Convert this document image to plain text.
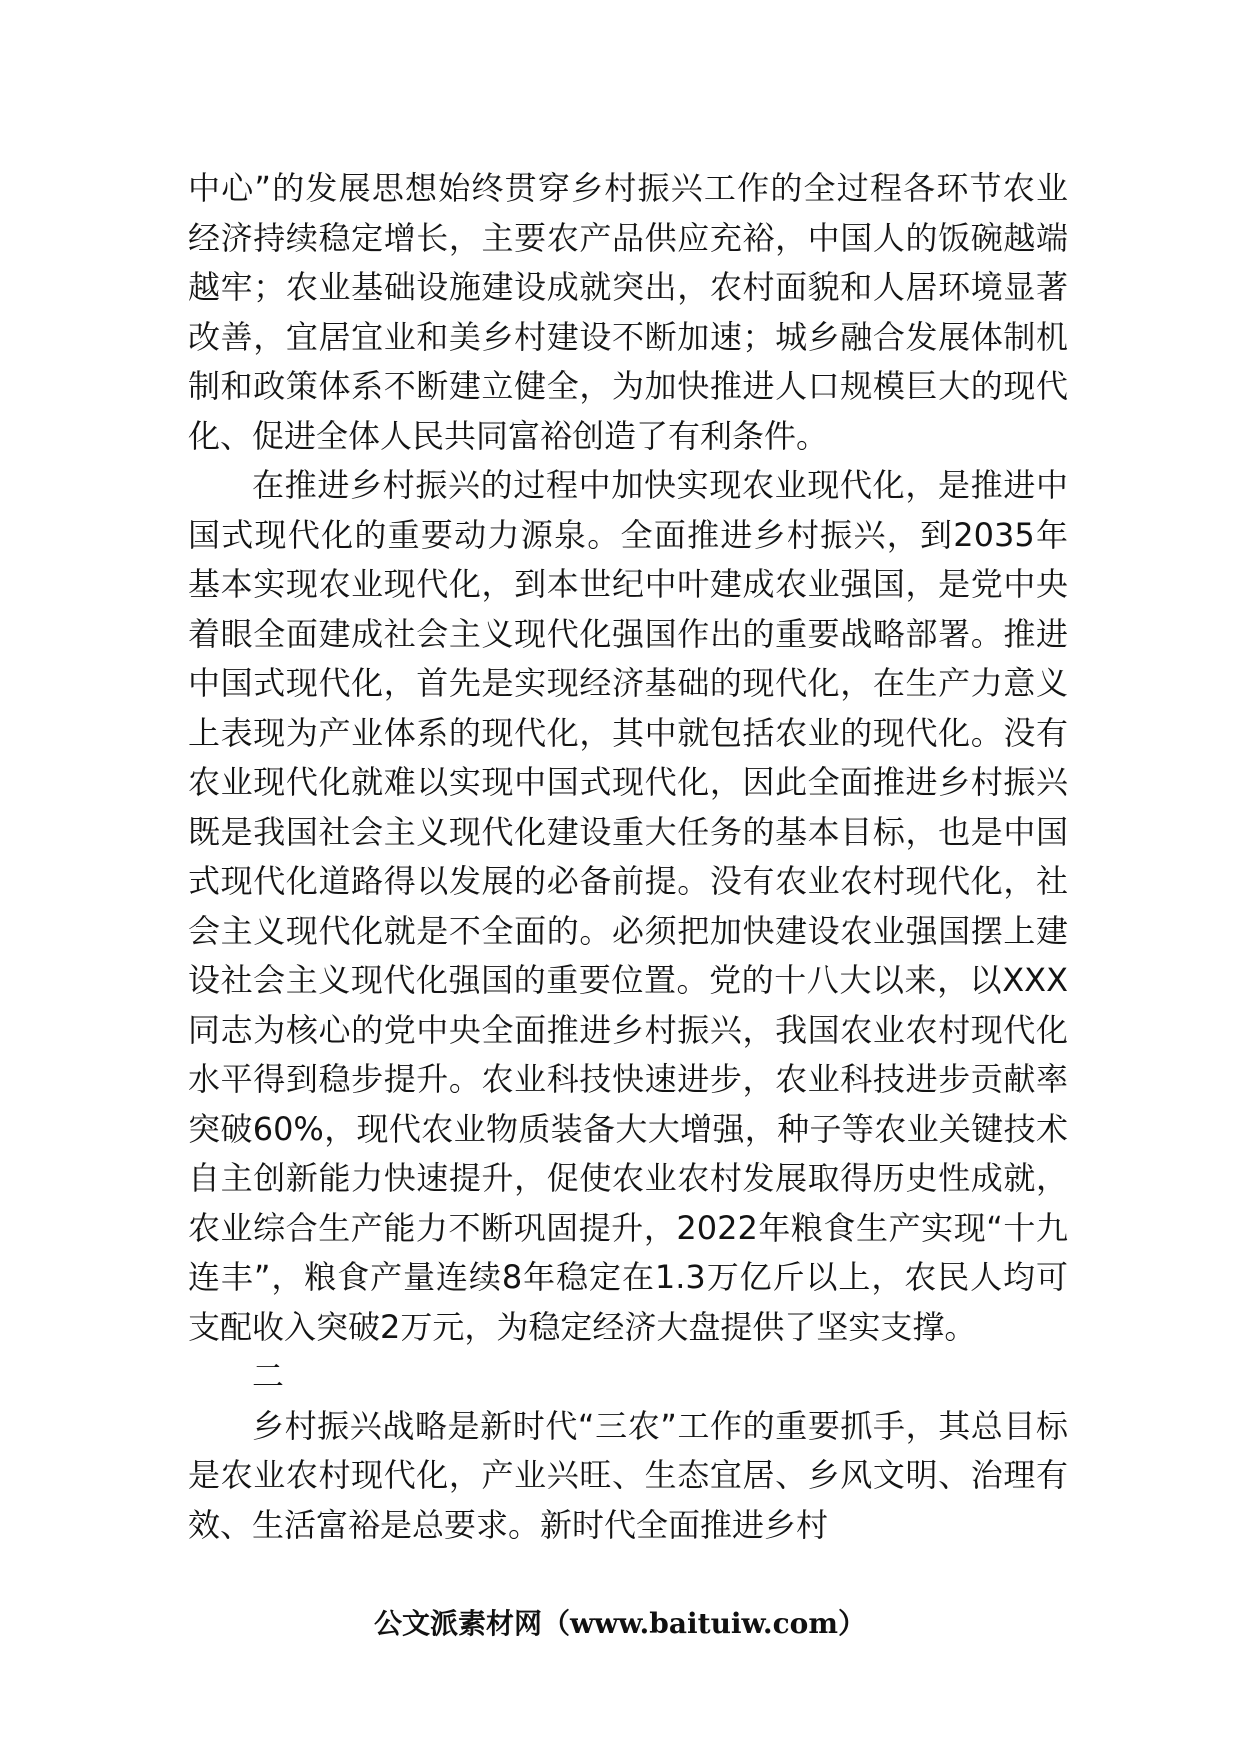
中心”的发展思想始终贯穿乡村振兴工作的全过程各环节农业经济持续稳定增长，主要农产品供应充裕，中国人的饭碗越端越牢；农业基础设施建设成就突出，农村面貌和人居环境显著改善，宜居宜业和美乡村建设不断加速；城乡融合发展体制机制和政策体系不断建立健全，为加快推进人口规模巨大的现代化、促进全体人民共同富裕创造了有利条件。

在推进乡村振兴的过程中加快实现农业现代化，是推进中国式现代化的重要动力源泉。全面推进乡村振兴，到2035年基本实现农业现代化，到本世纪中叶建成农业强国，是党中央着眼全面建成社会主义现代化强国作出的重要战略部署。推进中国式现代化，首先是实现经济基础的现代化，在生产力意义上表现为产业体系的现代化，其中就包括农业的现代化。没有农业现代化就难以实现中国式现代化，因此全面推进乡村振兴既是我国社会主义现代化建设重大任务的基本目标，也是中国式现代化道路得以发展的必备前提。没有农业农村现代化，社会主义现代化就是不全面的。必须把加快建设农业强国摆上建设社会主义现代化强国的重要位置。党的十八大以来，以XXX同志为核心的党中央全面推进乡村振兴，我国农业农村现代化水平得到稳步提升。农业科技快速进步，农业科技进步贡献率突破60%，现代农业物质装备大大增强，种子等农业关键技术自主创新能力快速提升，促使农业农村发展取得历史性成就，农业综合生产能力不断巩固提升，2022年粮食生产实现“十九连丰”，粮食产量连续8年稳定在1.3万亿斤以上，农民人均可支配收入突破2万元，为稳定经济大盘提供了坚实支撑。

二

乡村振兴战略是新时代“三农”工作的重要抓手，其总目标是农业农村现代化，产业兴旺、生态宜居、乡风文明、治理有效、生活富裕是总要求。新时代全面推进乡村

公文派素材网（www.baituiw.com）
